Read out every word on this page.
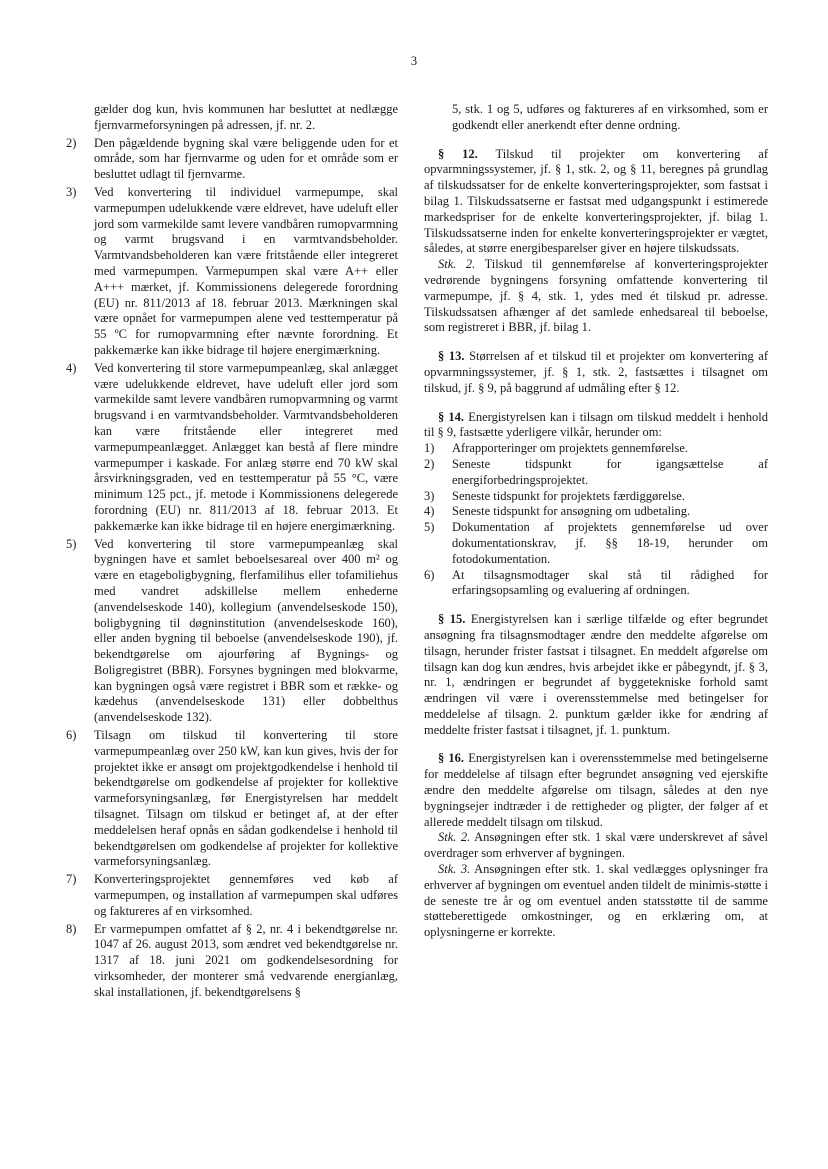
3

gælder dog kun, hvis kommunen har besluttet at nedlægge fjernvarmeforsyningen på adressen, jf. nr. 2.

2)	Den pågældende bygning skal være beliggende uden for et område, som har fjernvarme og uden for et område som er besluttet udlagt til fjernvarme.
3)	Ved konvertering til individuel varmepumpe, skal varmepumpen udelukkende være eldrevet, have udeluft eller jord som varmekilde samt levere vandbåren rumopvarmning og varmt brugsvand i en varmtvandsbeholder. Varmtvandsbeholderen kan være fritstående eller integreret med varmepumpen. Varmepumpen skal være A++ eller A+++ mærket, jf. Kommissionens delegerede forordning (EU) nr. 811/2013 af 18. februar 2013. Mærkningen skal være opnået for varmepumpen alene ved testtemperatur på 55 ºC for rumopvarmning efter nævnte forordning. Et pakkemærke kan ikke bidrage til højere energimærkning.
4)	Ved konvertering til store varmepumpeanlæg, skal anlægget være udelukkende eldrevet, have udeluft eller jord som varmekilde samt levere vandbåren rumopvarmning og varmt brugsvand i en varmtvandsbeholder. Varmtvandsbeholderen kan være fritstående eller integreret med varmepumpeanlægget. Anlægget kan bestå af flere mindre varmepumper i kaskade. For anlæg større end 70 kW skal årsvirkningsgraden, ved en testtemperatur på 55 °C, være minimum 125 pct., jf. metode i Kommissionens delegerede forordning (EU) nr. 811/2013 af 18. februar 2013. Et pakkemærke kan ikke bidrage til en højere energimærkning.
5)	Ved konvertering til store varmepumpeanlæg skal bygningen have et samlet beboelsesareal over 400 m² og være en etageboligbygning, flerfamilihus eller tofamiliehus med vandret adskillelse mellem enhederne (anvendelseskode 140), kollegium (anvendelseskode 150), boligbygning til døgninstitution (anvendelseskode 160), eller anden bygning til beboelse (anvendelseskode 190), jf. bekendtgørelse om ajourføring af Bygnings- og Boligregistret (BBR). Forsynes bygningen med blokvarme, kan bygningen også være registret i BBR som et række- og kædehus (anvendelseskode 131) eller dobbelthus (anvendelseskode 132).
6)	Tilsagn om tilskud til konvertering til store varmepumpeanlæg over 250 kW, kan kun gives, hvis der for projektet ikke er ansøgt om projektgodkendelse i henhold til bekendtgørelse om godkendelse af projekter for kollektive varmeforsyningsanlæg, før Energistyrelsen har meddelt tilsagnet. Tilsagn om tilskud er betinget af, at der efter meddelelsen heraf opnås en sådan godkendelse i henhold til bekendtgørelsen om godkendelse af projekter for kollektive varmeforsyningsanlæg.
7)	Konverteringsprojektet gennemføres ved køb af varmepumpen, og installation af varmepumpen skal udføres og faktureres af en virksomhed.
8)	Er varmepumpen omfattet af § 2, nr. 4 i bekendtgørelse nr. 1047 af 26. august 2013, som ændret ved bekendtgørelse nr. 1317 af 18. juni 2021 om godkendelsesordning for virksomheder, der monterer små vedvarende energianlæg, skal installationen, jf. bekendtgørelsens §

5, stk. 1 og 5, udføres og faktureres af en virksomhed, som er godkendt eller anerkendt efter denne ordning.

§ 12. Tilskud til projekter om konvertering af opvarmningssystemer, jf. § 1, stk. 2, og § 11, beregnes på grundlag af tilskudssatser for de enkelte konverteringsprojekter, som fastsat i bilag 1. Tilskudssatserne er fastsat med udgangspunkt i estimerede markedspriser for de enkelte konverteringsprojekter, jf. bilag 1. Tilskudssatserne inden for enkelte konverteringsprojekter er vægtet, således, at større energibesparelser giver en højere tilskudssats.

Stk. 2. Tilskud til gennemførelse af konverteringsprojekter vedrørende bygningens forsyning omfattende konvertering til varmepumpe, jf. § 4, stk. 1, ydes med ét tilskud pr. adresse. Tilskudssatsen afhænger af det samlede enhedsareal til beboelse, som registreret i BBR, jf. bilag 1.

§ 13. Størrelsen af et tilskud til et projekter om konvertering af opvarmningssystemer, jf. § 1, stk. 2, fastsættes i tilsagnet om tilskud, jf. § 9, på baggrund af udmåling efter § 12.

§ 14. Energistyrelsen kan i tilsagn om tilskud meddelt i henhold til § 9, fastsætte yderligere vilkår, herunder om:

1)	Afrapporteringer om projektets gennemførelse.
2)	Seneste tidspunkt for igangsættelse af energiforbedringsprojektet.
3)	Seneste tidspunkt for projektets færdiggørelse.
4)	Seneste tidspunkt for ansøgning om udbetaling.
5)	Dokumentation af projektets gennemførelse ud over dokumentationskrav, jf. §§ 18-19, herunder om fotodokumentation.
6)	At tilsagnsmodtager skal stå til rådighed for erfaringsopsamling og evaluering af ordningen.

§ 15. Energistyrelsen kan i særlige tilfælde og efter begrundet ansøgning fra tilsagnsmodtager ændre den meddelte afgørelse om tilsagn, herunder frister fastsat i tilsagnet. En meddelt afgørelse om tilsagn kan dog kun ændres, hvis arbejdet ikke er påbegyndt, jf. § 3, nr. 1, ændringen er begrundet af byggetekniske forhold samt ændringen vil være i overensstemmelse med betingelser for meddelelse af tilsagn. 2. punktum gælder ikke for ændring af meddelte frister fastsat i tilsagnet, jf. 1. punktum.

§ 16. Energistyrelsen kan i overensstemmelse med betingelserne for meddelelse af tilsagn efter begrundet ansøgning ved ejerskifte ændre den meddelte afgørelse om tilsagn, således at den nye bygningsejer indtræder i de rettigheder og pligter, der følger af et allerede meddelt tilsagn om tilskud.

Stk. 2. Ansøgningen efter stk. 1 skal være underskrevet af såvel overdrager som erhverver af bygningen.

Stk. 3. Ansøgningen efter stk. 1. skal vedlægges oplysninger fra erhverver af bygningen om eventuel anden tildelt de minimis-støtte i de seneste tre år og om eventuel anden statsstøtte til de samme støtteberettigede omkostninger, og en erklæring om, at oplysningerne er korrekte.
